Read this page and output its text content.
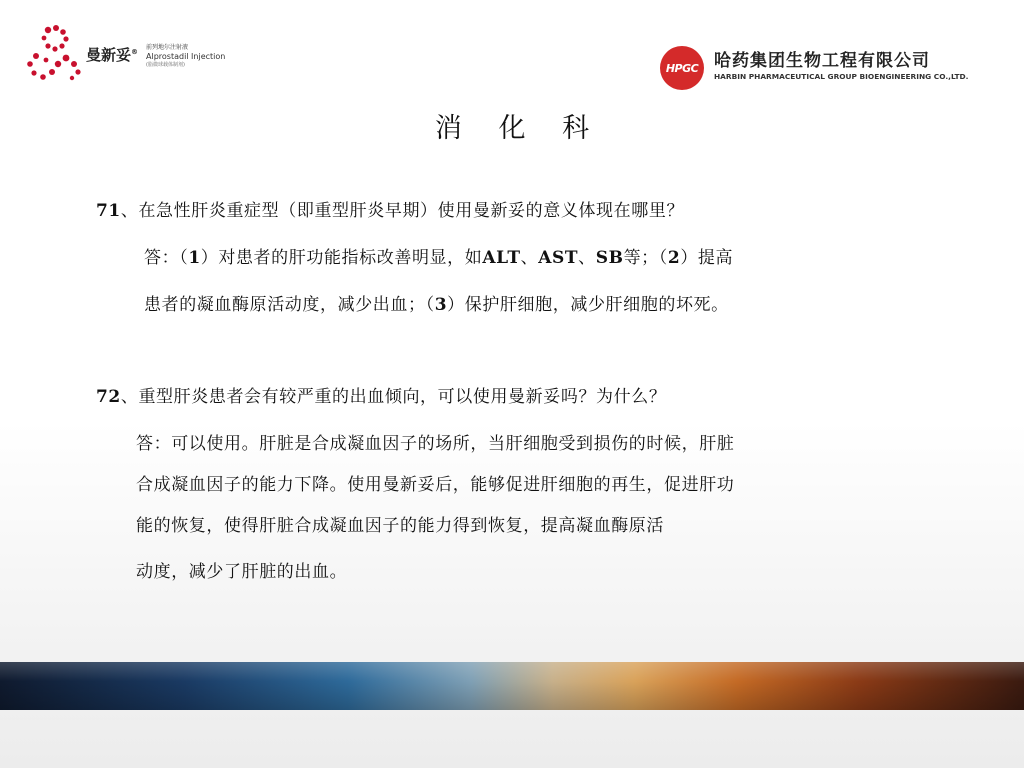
曼新妥®
前列地尔注射液
Alprostadil Injection
(脂微球载体制剂)	HPGC 哈药集团生物工程有限公司
HARBIN PHARMACEUTICAL GROUP BIOENGINEERING CO.,LTD.
消 化 科
71、在急性肝炎重症型（即重型肝炎早期）使用曼新妥的意义体现在哪里？
答：（1）对患者的肝功能指标改善明显，如ALT、AST、SB等；（2）提高
患者的凝血酶原活动度，减少出血；（3）保护肝细胞，减少肝细胞的坏死。
72、重型肝炎患者会有较严重的出血倾向，可以使用曼新妥吗？为什么？
答：可以使用。肝脏是合成凝血因子的场所，当肝细胞受到损伤的时候，肝脏
合成凝血因子的能力下降。使用曼新妥后，能够促进肝细胞的再生，促进肝功
能的恢复，使得肝脏合成凝血因子的能力得到恢复，提高凝血酶原活
动度，减少了肝脏的出血。
